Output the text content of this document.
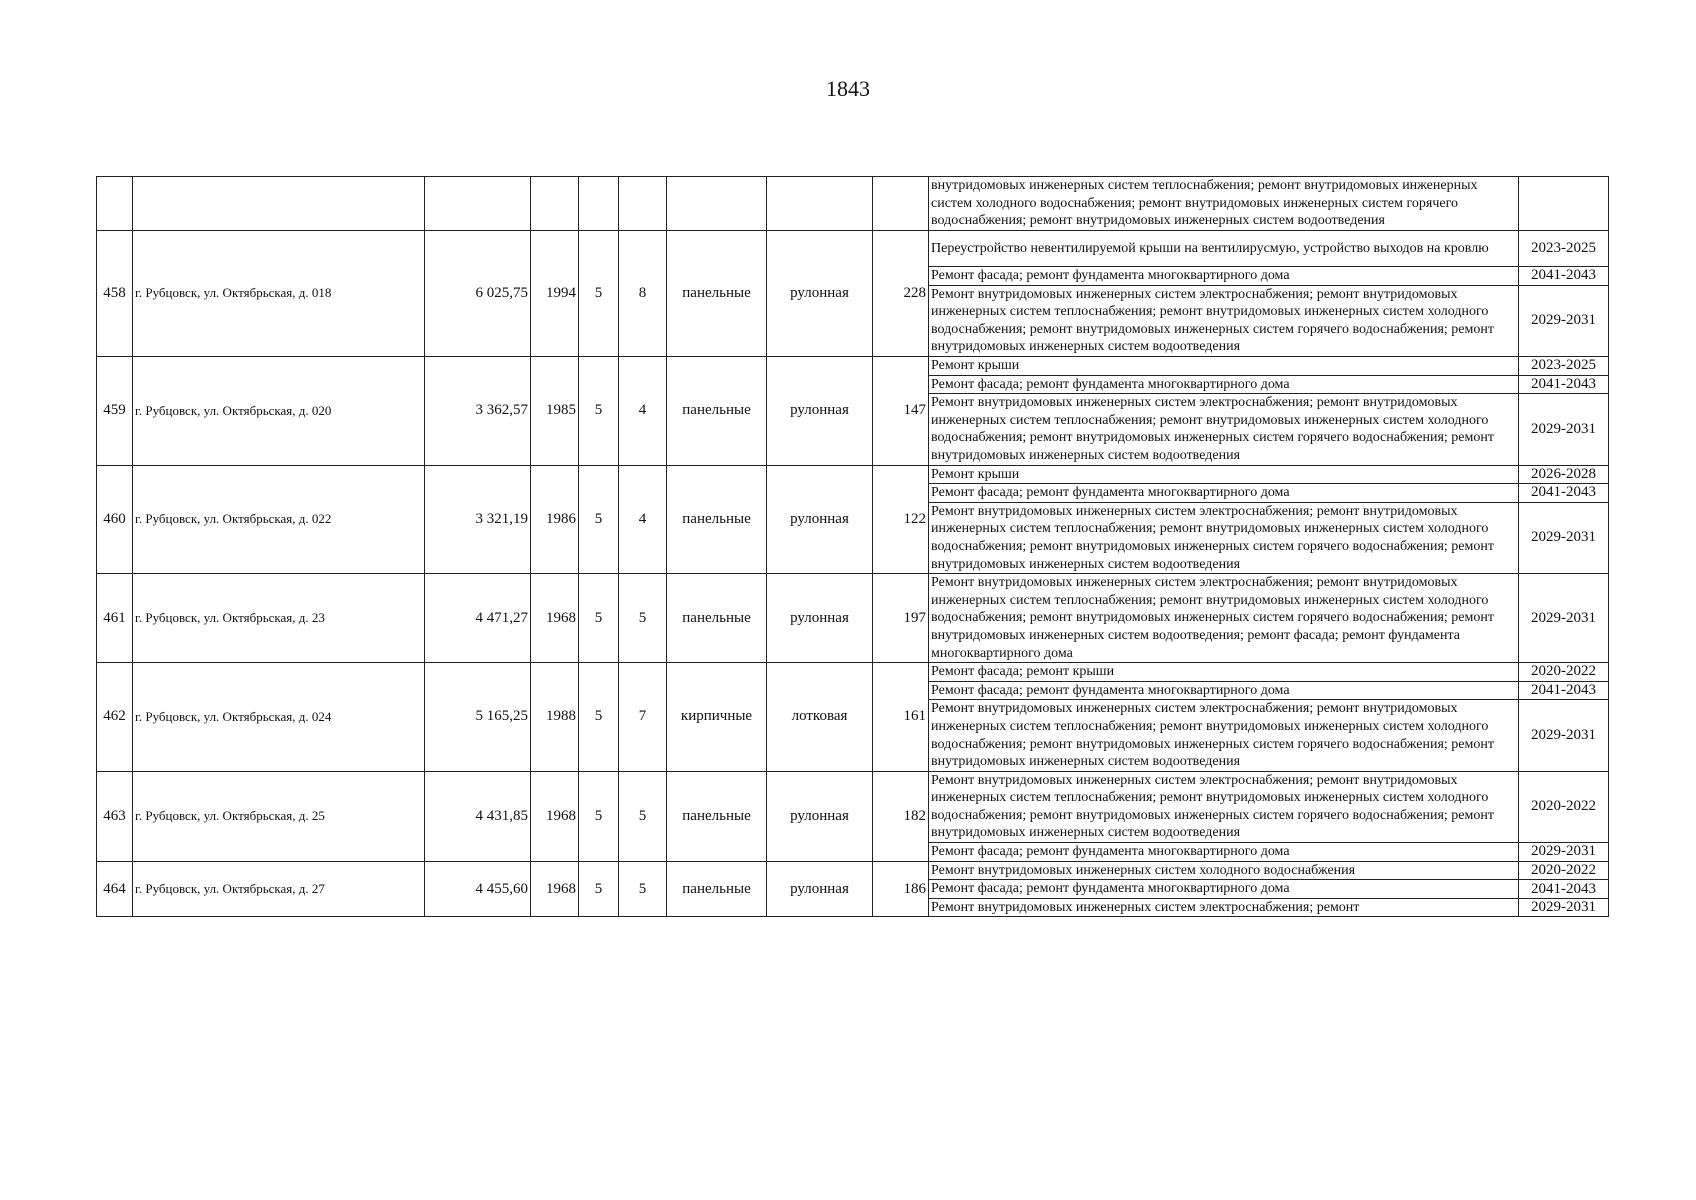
1843
									внутридомовых инженерных систем теплоснабжения; ремонт внутридомовых инженерных систем холодного водоснабжения; ремонт внутридомовых инженерных систем горячего водоснабжения; ремонт внутридомовых инженерных систем водоотведения	
458	г. Рубцовск, ул. Октябрьская, д. 018	6 025,75	1994	5	8	панельные	рулонная	228	Переустройство невентилируемой крыши на вентилирусмую, устройство выходов на кровлю	2023-2025
									Ремонт фасада; ремонт фундамента многоквартирного дома	2041-2043
									Ремонт внутридомовых инженерных систем электроснабжения; ремонт внутридомовых инженерных систем теплоснабжения; ремонт внутридомовых инженерных систем холодного водоснабжения; ремонт внутридомовых инженерных систем горячего водоснабжения; ремонт внутридомовых инженерных систем водоотведения	2029-2031
459	г. Рубцовск, ул. Октябрьская, д. 020	3 362,57	1985	5	4	панельные	рулонная	147	Ремонт крыши	2023-2025
									Ремонт фасада; ремонт фундамента многоквартирного дома	2041-2043
									Ремонт внутридомовых инженерных систем электроснабжения; ремонт внутридомовых инженерных систем теплоснабжения; ремонт внутридомовых инженерных систем холодного водоснабжения; ремонт внутридомовых инженерных систем горячего водоснабжения; ремонт внутридомовых инженерных систем водоотведения	2029-2031
460	г. Рубцовск, ул. Октябрьская, д. 022	3 321,19	1986	5	4	панельные	рулонная	122	Ремонт крыши	2026-2028
									Ремонт фасада; ремонт фундамента многоквартирного дома	2041-2043
									Ремонт внутридомовых инженерных систем электроснабжения; ремонт внутридомовых инженерных систем теплоснабжения; ремонт внутридомовых инженерных систем холодного водоснабжения; ремонт внутридомовых инженерных систем горячего водоснабжения; ремонт внутридомовых инженерных систем водоотведения	2029-2031
461	г. Рубцовск, ул. Октябрьская, д. 23	4 471,27	1968	5	5	панельные	рулонная	197	Ремонт внутридомовых инженерных систем электроснабжения; ремонт внутридомовых инженерных систем теплоснабжения; ремонт внутридомовых инженерных систем холодного водоснабжения; ремонт внутридомовых инженерных систем горячего водоснабжения; ремонт внутридомовых инженерных систем водоотведения; ремонт фасада; ремонт фундамента многоквартирного дома	2029-2031
462	г. Рубцовск, ул. Октябрьская, д. 024	5 165,25	1988	5	7	кирпичные	лотковая	161	Ремонт фасада; ремонт крыши	2020-2022
									Ремонт фасада; ремонт фундамента многоквартирного дома	2041-2043
									Ремонт внутридомовых инженерных систем электроснабжения; ремонт внутридомовых инженерных систем теплоснабжения; ремонт внутридомовых инженерных систем холодного водоснабжения; ремонт внутридомовых инженерных систем горячего водоснабжения; ремонт внутридомовых инженерных систем водоотведения	2029-2031
463	г. Рубцовск, ул. Октябрьская, д. 25	4 431,85	1968	5	5	панельные	рулонная	182	Ремонт внутридомовых инженерных систем электроснабжения; ремонт внутридомовых инженерных систем теплоснабжения; ремонт внутридомовых инженерных систем холодного водоснабжения; ремонт внутридомовых инженерных систем горячего водоснабжения; ремонт внутридомовых инженерных систем водоотведения	2020-2022
									Ремонт фасада; ремонт фундамента многоквартирного дома	2029-2031
464	г. Рубцовск, ул. Октябрьская, д. 27	4 455,60	1968	5	5	панельные	рулонная	186	Ремонт внутридомовых инженерных систем холодного водоснабжения	2020-2022
									Ремонт фасада; ремонт фундамента многоквартирного дома	2041-2043
									Ремонт внутридомовых инженерных систем электроснабжения; ремонт	2029-2031
